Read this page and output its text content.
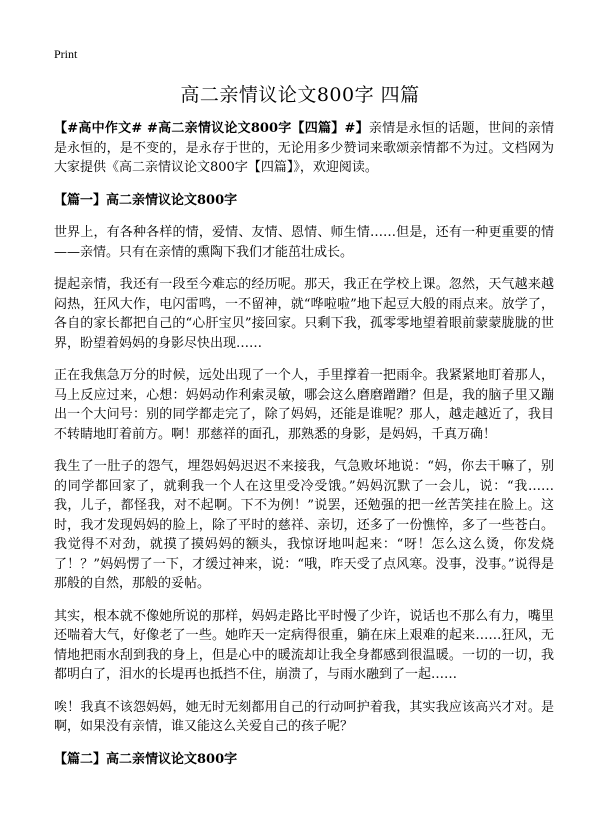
Print
高二亲情议论文800字 四篇

【#高中作文# #高二亲情议论文800字【四篇】#】亲情是永恒的话题，世间的亲情是永恒的，是不变的，是永存于世的，无论用多少赞词来歌颂亲情都不为过。文档网为大家提供《高二亲情议论文800字【四篇】》，欢迎阅读。

【篇一】高二亲情议论文800字

世界上，有各种各样的情，爱情、友情、恩情、师生情……但是，还有一种更重要的情——亲情。只有在亲情的熏陶下我们才能茁壮成长。

提起亲情，我还有一段至今难忘的经历呢。那天，我正在学校上课。忽然，天气越来越闷热，狂风大作，电闪雷鸣，一不留神，就“哗啦啦”地下起豆大般的雨点来。放学了，各自的家长都把自己的“心肝宝贝”接回家。只剩下我，孤零零地望着眼前蒙蒙胧胧的世界，盼望着妈妈的身影尽快出现……

正在我焦急万分的时候，远处出现了一个人，手里撑着一把雨伞。我紧紧地盯着那人，马上反应过来，心想：妈妈动作利索灵敏，哪会这么磨磨蹭蹭？但是，我的脑子里又蹦出一个大问号：别的同学都走完了，除了妈妈，还能是谁呢？那人，越走越近了，我目不转睛地盯着前方。啊！那慈祥的面孔，那熟悉的身影，是妈妈，千真万确！

我生了一肚子的怨气，埋怨妈妈迟迟不来接我，气急败坏地说：“妈，你去干嘛了，别的同学都回家了，就剩我一个人在这里受冷受饿。”妈妈沉默了一会儿，说：“我……我，儿子，都怪我，对不起啊。下不为例！”说罢，还勉强的把一丝苦笑挂在脸上。这时，我才发现妈妈的脸上，除了平时的慈祥、亲切，还多了一份憔悴，多了一些苍白。我觉得不对劲，就摸了摸妈妈的额头，我惊讶地叫起来：“呀！怎么这么烫，你发烧了！？”妈妈愣了一下，才缓过神来，说：“哦，昨天受了点风寒。没事，没事。”说得是那般的自然，那般的妥帖。

其实，根本就不像她所说的那样，妈妈走路比平时慢了少许，说话也不那么有力，嘴里还喘着大气，好像老了一些。她昨天一定病得很重，躺在床上艰难的起来……狂风，无情地把雨水刮到我的身上，但是心中的暖流却让我全身都感到很温暖。一切的一切，我都明白了，泪水的长堤再也抵挡不住，崩溃了，与雨水融到了一起……

唉！我真不该怨妈妈，她无时无刻都用自己的行动呵护着我，其实我应该高兴才对。是啊，如果没有亲情，谁又能这么关爱自己的孩子呢？

【篇二】高二亲情议论文800字
